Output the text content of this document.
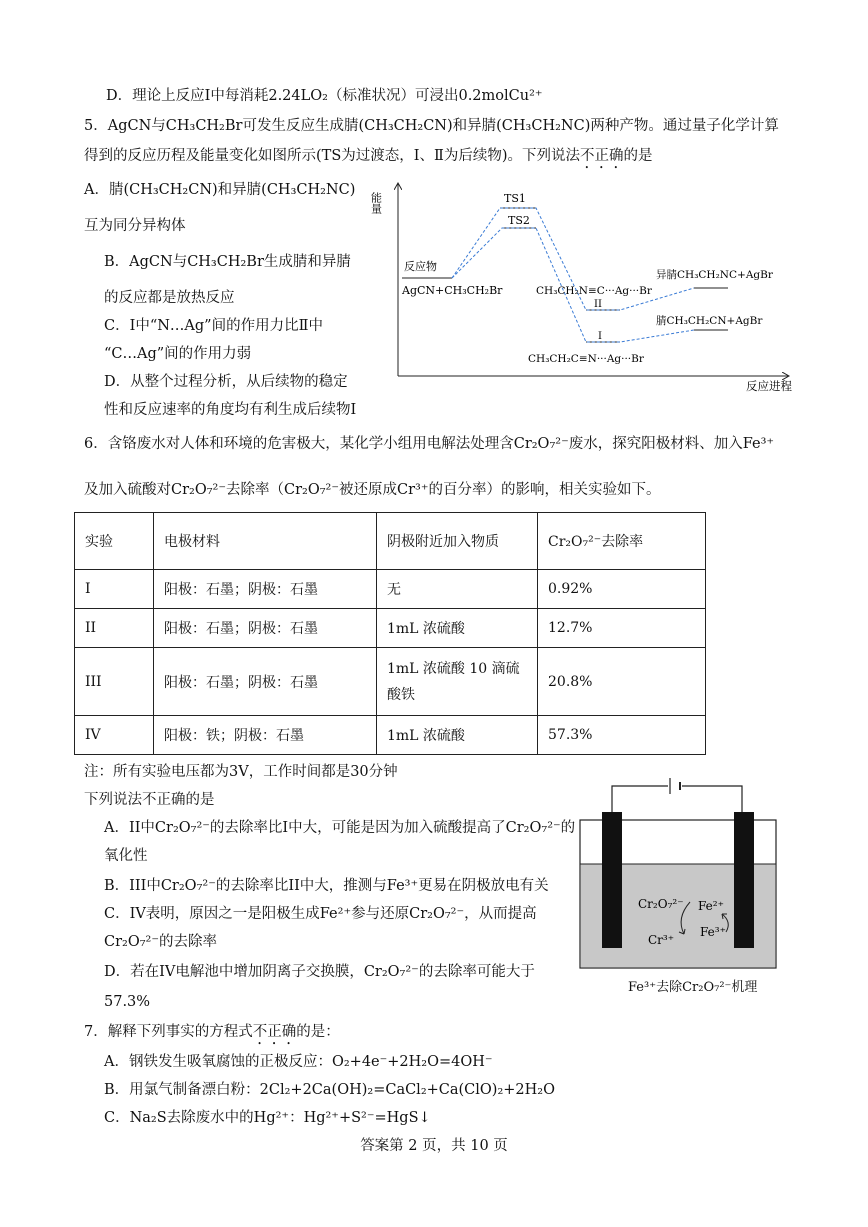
D．理论上反应Ⅰ中每消耗2.24LO₂（标准状况）可浸出0.2molCu²⁺
5．AgCN与CH₃CH₂Br可发生反应生成腈(CH₃CH₂CN)和异腈(CH₃CH₂NC)两种产物。通过量子化学计算
得到的反应历程及能量变化如图所示(TS为过渡态，Ⅰ、Ⅱ为后续物)。下列说法不正确的是
A．腈(CH₃CH₂CN)和异腈(CH₃CH₂NC)
互为同分异构体
B．AgCN与CH₃CH₂Br生成腈和异腈
的反应都是放热反应
C．Ⅰ中“N…Ag”间的作用力比Ⅱ中
“C…Ag”间的作用力弱
D．从整个过程分析，从后续物的稳定
性和反应速率的角度均有利生成后续物Ⅰ
能量
反应进程
TS1
TS2
反应物
AgCN+CH₃CH₂Br	CH₃CH₂N≡C···Ag···Br
II
I
CH₃CH₂C≡N···Ag···Br
异腈CH₃CH₂NC+AgBr
腈CH₃CH₂CN+AgBr
6．含铬废水对人体和环境的危害极大，某化学小组用电解法处理含Cr₂O₇²⁻废水，探究阳极材料、加入Fe³⁺
及加入硫酸对Cr₂O₇²⁻去除率（Cr₂O₇²⁻被还原成Cr³⁺的百分率）的影响，相关实验如下。
实验	电极材料	阴极附近加入物质	Cr₂O₇²⁻去除率
I	阳极：石墨；阴极：石墨	无	0.92%
II	阳极：石墨；阴极：石墨	1mL 浓硫酸	12.7%
III	阳极：石墨；阴极：石墨	1mL 浓硫酸 10 滴硫酸铁	20.8%
IV	阳极：铁；阴极：石墨	1mL 浓硫酸	57.3%
注：所有实验电压都为3V，工作时间都是30分钟
下列说法不正确的是
A．II中Cr₂O₇²⁻的去除率比I中大，可能是因为加入硫酸提高了Cr₂O₇²⁻的
氧化性
B．III中Cr₂O₇²⁻的去除率比II中大，推测与Fe³⁺更易在阴极放电有关
C．IV表明，原因之一是阳极生成Fe²⁺参与还原Cr₂O₇²⁻，从而提高
Cr₂O₇²⁻的去除率
D．若在IV电解池中增加阴离子交换膜，Cr₂O₇²⁻的去除率可能大于
57.3%
Cr₂O₇²⁻ Fe²⁺
Cr³⁺
Fe³⁺
Fe³⁺去除Cr₂O₇²⁻机理
7．解释下列事实的方程式不正确的是：
A．钢铁发生吸氧腐蚀的正极反应：O₂+4e⁻+2H₂O=4OH⁻
B．用氯气制备漂白粉：2Cl₂+2Ca(OH)₂=CaCl₂+Ca(ClO)₂+2H₂O
C．Na₂S去除废水中的Hg²⁺：Hg²⁺+S²⁻=HgS↓
答案第 2 页，共 10 页
